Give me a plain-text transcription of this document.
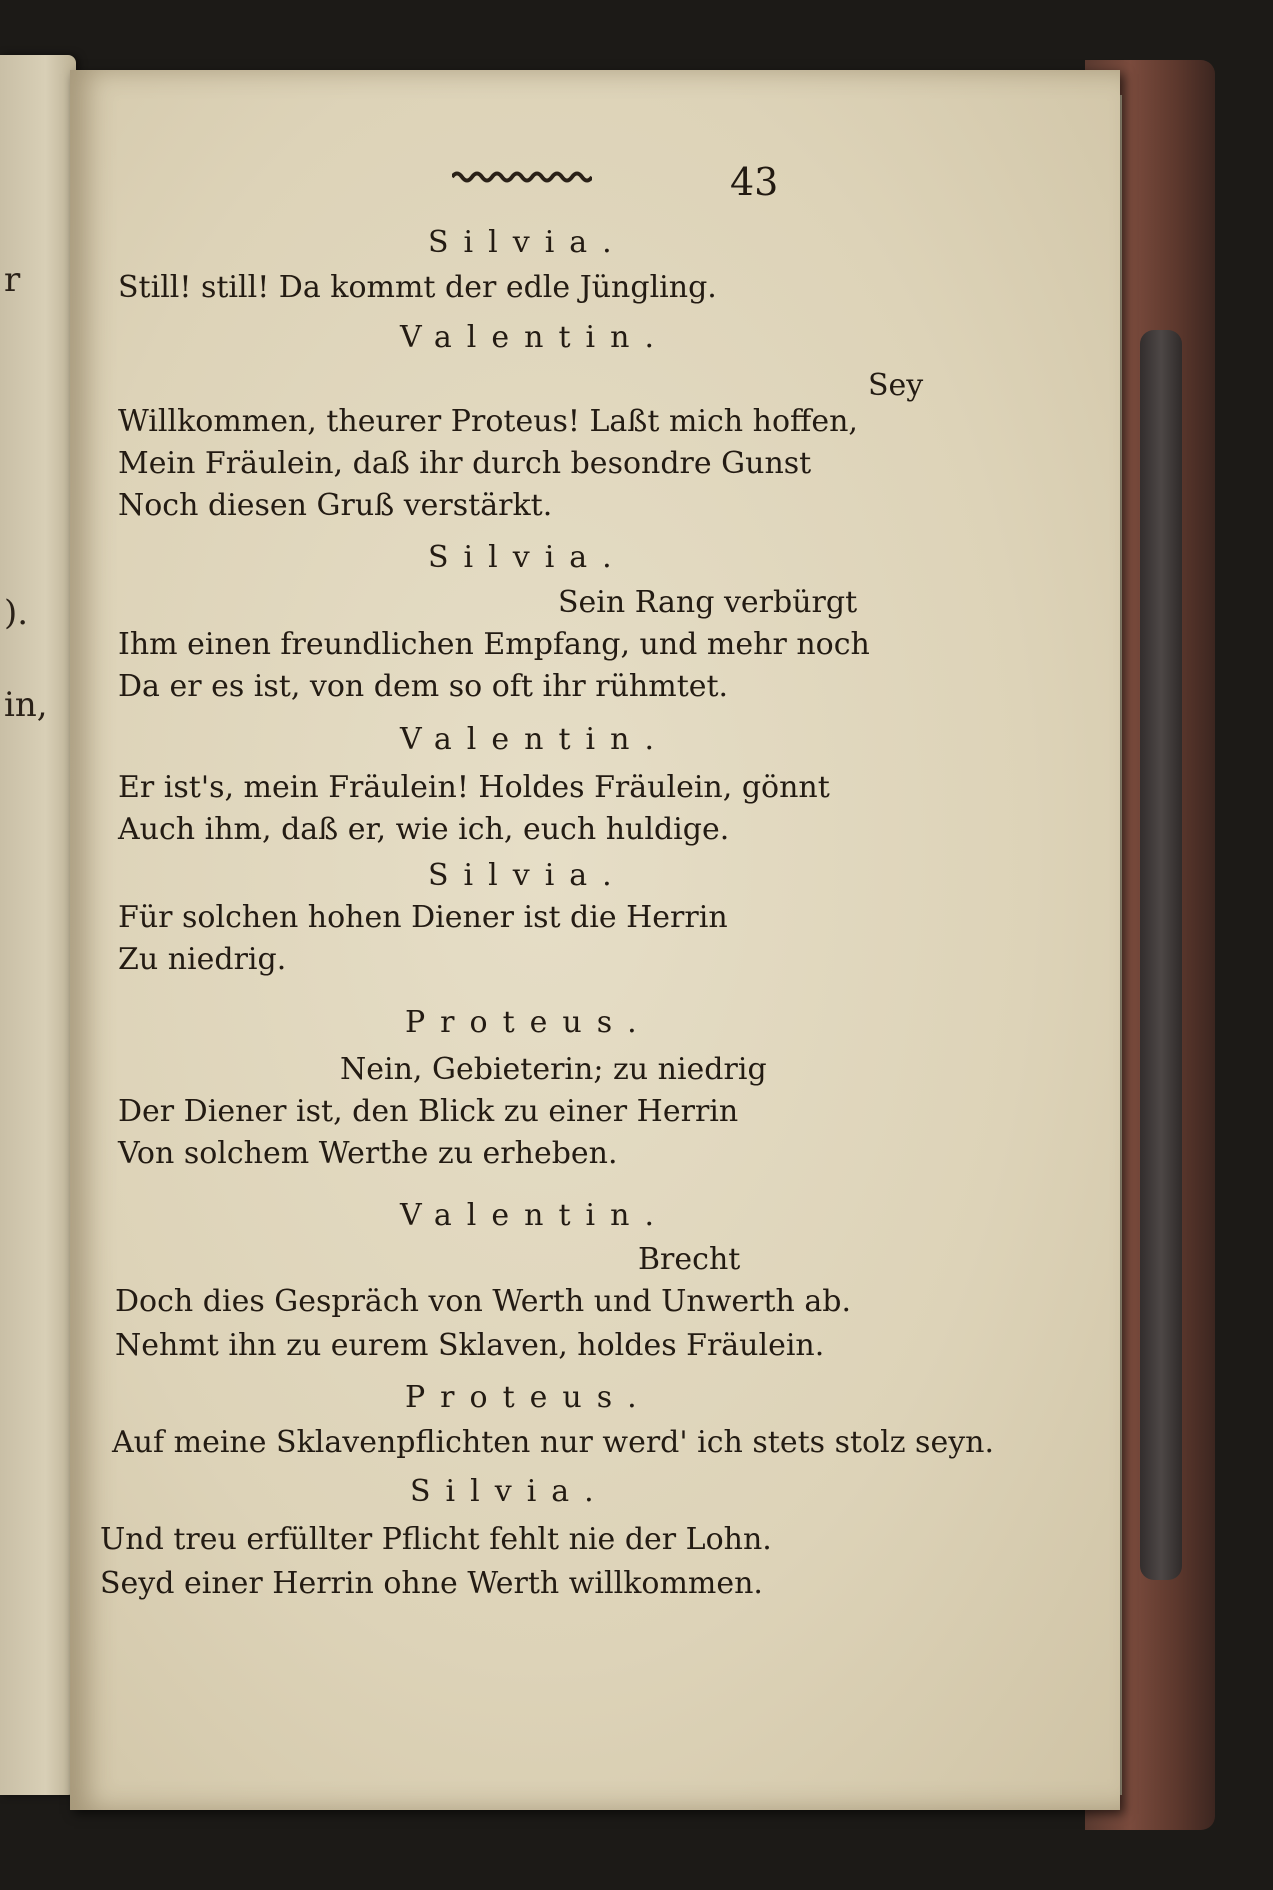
r
).
in,
43
Silvia.
Still! still! Da kommt der edle Jüngling.
Valentin.
Sey
Willkommen, theurer Proteus! Laßt mich hoffen,
Mein Fräulein, daß ihr durch besondre Gunst
Noch diesen Gruß verstärkt.
Silvia.
Sein Rang verbürgt
Ihm einen freundlichen Empfang, und mehr noch
Da er es ist, von dem so oft ihr rühmtet.
Valentin.
Er ist's, mein Fräulein! Holdes Fräulein, gönnt
Auch ihm, daß er, wie ich, euch huldige.
Silvia.
Für solchen hohen Diener ist die Herrin
Zu niedrig.
Proteus.
Nein, Gebieterin; zu niedrig
Der Diener ist, den Blick zu einer Herrin
Von solchem Werthe zu erheben.
Valentin.
Brecht
Doch dies Gespräch von Werth und Unwerth ab.
Nehmt ihn zu eurem Sklaven, holdes Fräulein.
Proteus.
Auf meine Sklavenpflichten nur werd' ich stets stolz seyn.
Silvia.
Und treu erfüllter Pflicht fehlt nie der Lohn.
Seyd einer Herrin ohne Werth willkommen.
